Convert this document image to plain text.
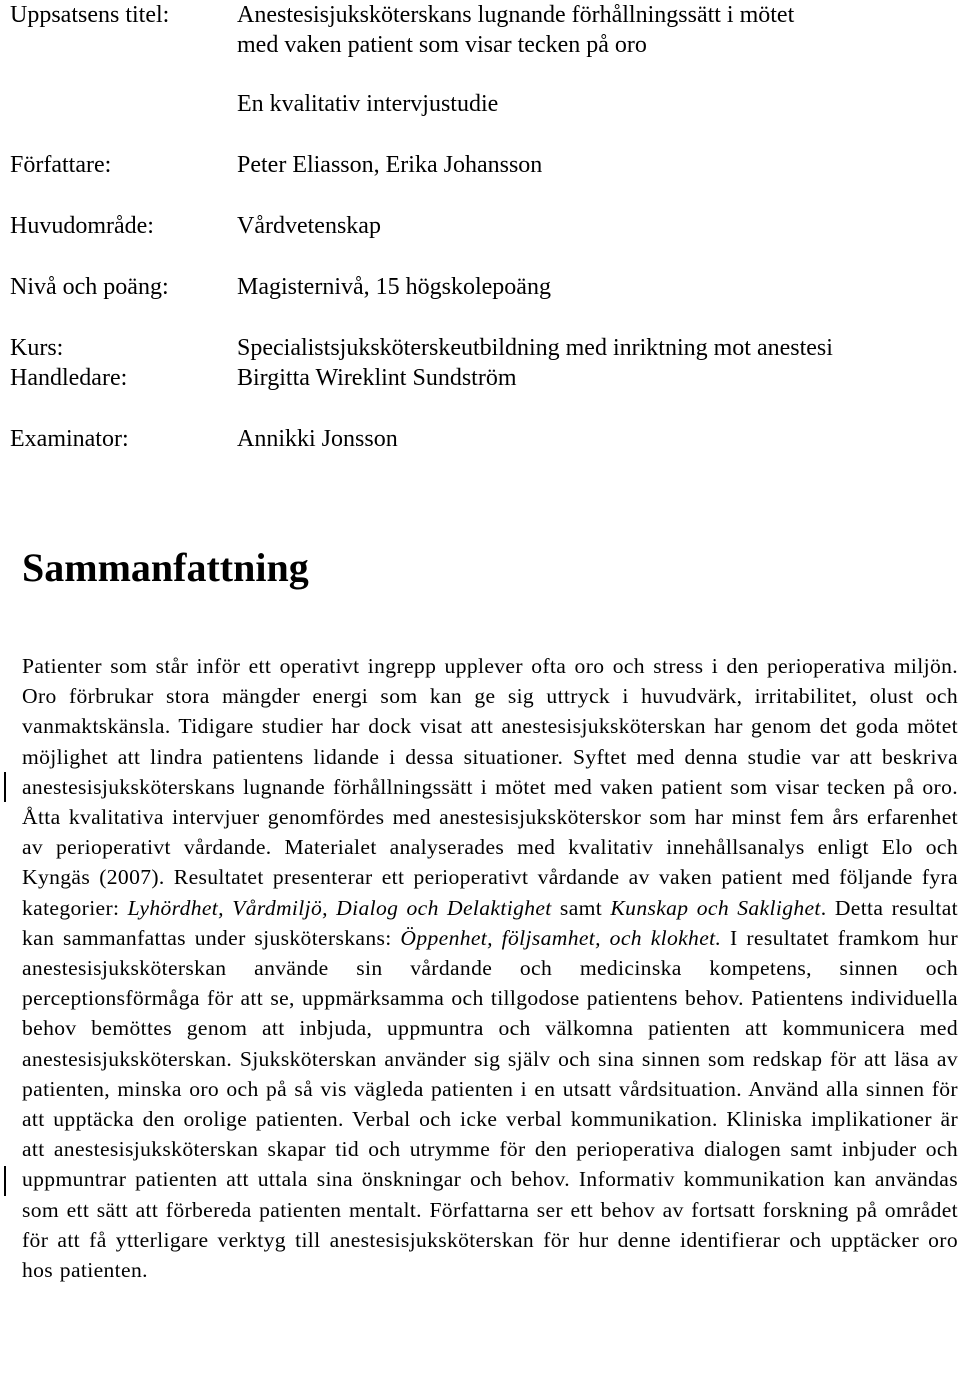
Uppsatsens titel:	Anestesisjuksköterskans lugnande förhållningssätt i mötet
med vaken patient som visar tecken på oro
En kvalitativ intervjustudie
Författare:	Peter Eliasson, Erika Johansson
Huvudområde:	Vårdvetenskap
Nivå och poäng:	Magisternivå, 15 högskolepoäng
Kurs:	Specialistsjuksköterskeutbildning med inriktning mot anestesi
Handledare:	Birgitta Wireklint Sundström
Examinator:	Annikki Jonsson
Sammanfattning

Patienter som står inför ett operativt ingrepp upplever ofta oro och stress i den perioperativa miljön. Oro förbrukar stora mängder energi som kan ge sig uttryck i huvudvärk, irritabilitet, olust och vanmaktskänsla. Tidigare studier har dock visat att anestesisjuksköterskan har genom det goda mötet möjlighet att lindra patientens lidande i dessa situationer. Syftet med denna studie var att beskriva anestesisjuksköterskans lugnande förhållningssätt i mötet med vaken patient som visar tecken på oro. Åtta kvalitativa intervjuer genomfördes med anestesisjuksköterskor som har minst fem års erfarenhet av perioperativt vårdande. Materialet analyserades med kvalitativ innehållsanalys enligt Elo och Kyngäs (2007). Resultatet presenterar ett perioperativt vårdande av vaken patient med följande fyra kategorier: Lyhördhet, Vårdmiljö, Dialog och Delaktighet samt Kunskap och Saklighet. Detta resultat kan sammanfattas under sjusköterskans: Öppenhet, följsamhet, och klokhet. I resultatet framkom hur anestesisjuksköterskan använde sin vårdande och medicinska kompetens, sinnen och perceptionsförmåga för att se, uppmärksamma och tillgodose patientens behov. Patientens individuella behov bemöttes genom att inbjuda, uppmuntra och välkomna patienten att kommunicera med anestesisjuksköterskan. Sjuksköterskan använder sig själv och sina sinnen som redskap för att läsa av patienten, minska oro och på så vis vägleda patienten i en utsatt vårdsituation. Använd alla sinnen för att upptäcka den orolige patienten. Verbal och icke verbal kommunikation. Kliniska implikationer är att anestesisjuksköterskan skapar tid och utrymme för den perioperativa dialogen samt inbjuder och uppmuntrar patienten att uttala sina önskningar och behov. Informativ kommunikation kan användas som ett sätt att förbereda patienten mentalt. Författarna ser ett behov av fortsatt forskning på området för att få ytterligare verktyg till anestesisjuksköterskan för hur denne identifierar och upptäcker oro hos patienten.
